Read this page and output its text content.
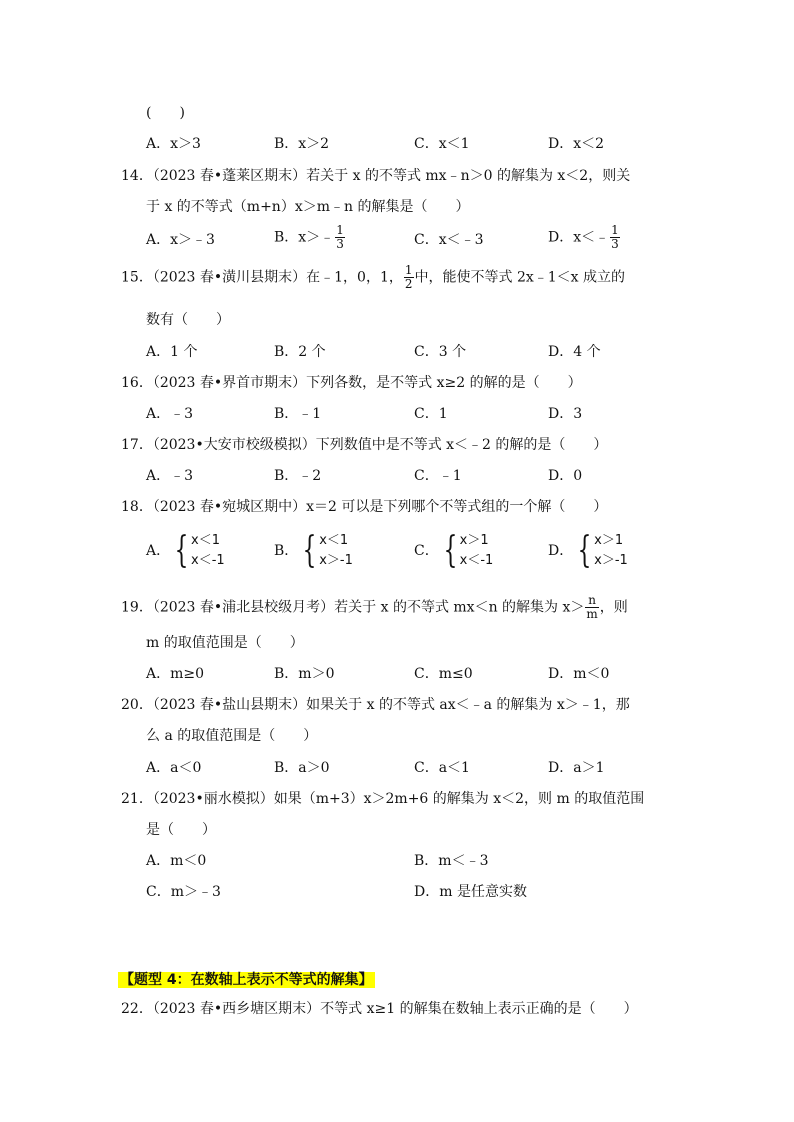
(　　)
A．x＞3	B．x＞2	C．x＜1	D．x＜2
14．（2023 春•蓬莱区期末）若关于 x 的不等式 mx﹣n＞0 的解集为 x＜2，则关
于 x 的不等式（m+n）x＞m﹣n 的解集是（　　）
A．x＞﹣3	B．x＞﹣ $\frac{1}{3}$	C．x＜﹣3	D．x＜﹣ $\frac{1}{3}$
15．（2023 春•潢川县期末）在﹣1，0，1， $\frac{1}{2}$ 中，能使不等式 2x﹣1＜x 成立的
数有（　　）
A．1 个	B．2 个	C．3 个	D．4 个
16．（2023 春•界首市期末）下列各数，是不等式 x≥2 的解的是（　　）
A．﹣3	B．﹣1	C．1	D．3
17．（2023•大安市校级模拟）下列数值中是不等式 x＜﹣2 的解的是（　　）
A．﹣3	B．﹣2	C．﹣1	D．0
18．（2023 春•宛城区期中）x＝2 可以是下列哪个不等式组的一个解（　　）
A． { x＜1
x＜-1
B． { x＜1
x＞-1
C． { x＞1
x＜-1
D． { x＞1
x＞-1
19．（2023 春•浦北县校级月考）若关于 x 的不等式 mx＜n 的解集为 $x> \frac{n}{m}$ ，则
m 的取值范围是（　　）
A．m≥0	B．m＞0	C．m≤0	D．m＜0
20．（2023 春•盐山县期末）如果关于 x 的不等式 ax＜﹣a 的解集为 x＞﹣1，那
么 a 的取值范围是（　　）
A．a＜0	B．a＞0	C．a＜1	D．a＞1
21．（2023•丽水模拟）如果（m+3）x＞2m+6 的解集为 x＜2，则 m 的取值范围
是（　　）
A．m＜0	B．m＜﹣3
C．m＞﹣3	D．m 是任意实数
【题型 4：在数轴上表示不等式的解集】
22．（2023 春•西乡塘区期末）不等式 x≥1 的解集在数轴上表示正确的是（　　）
